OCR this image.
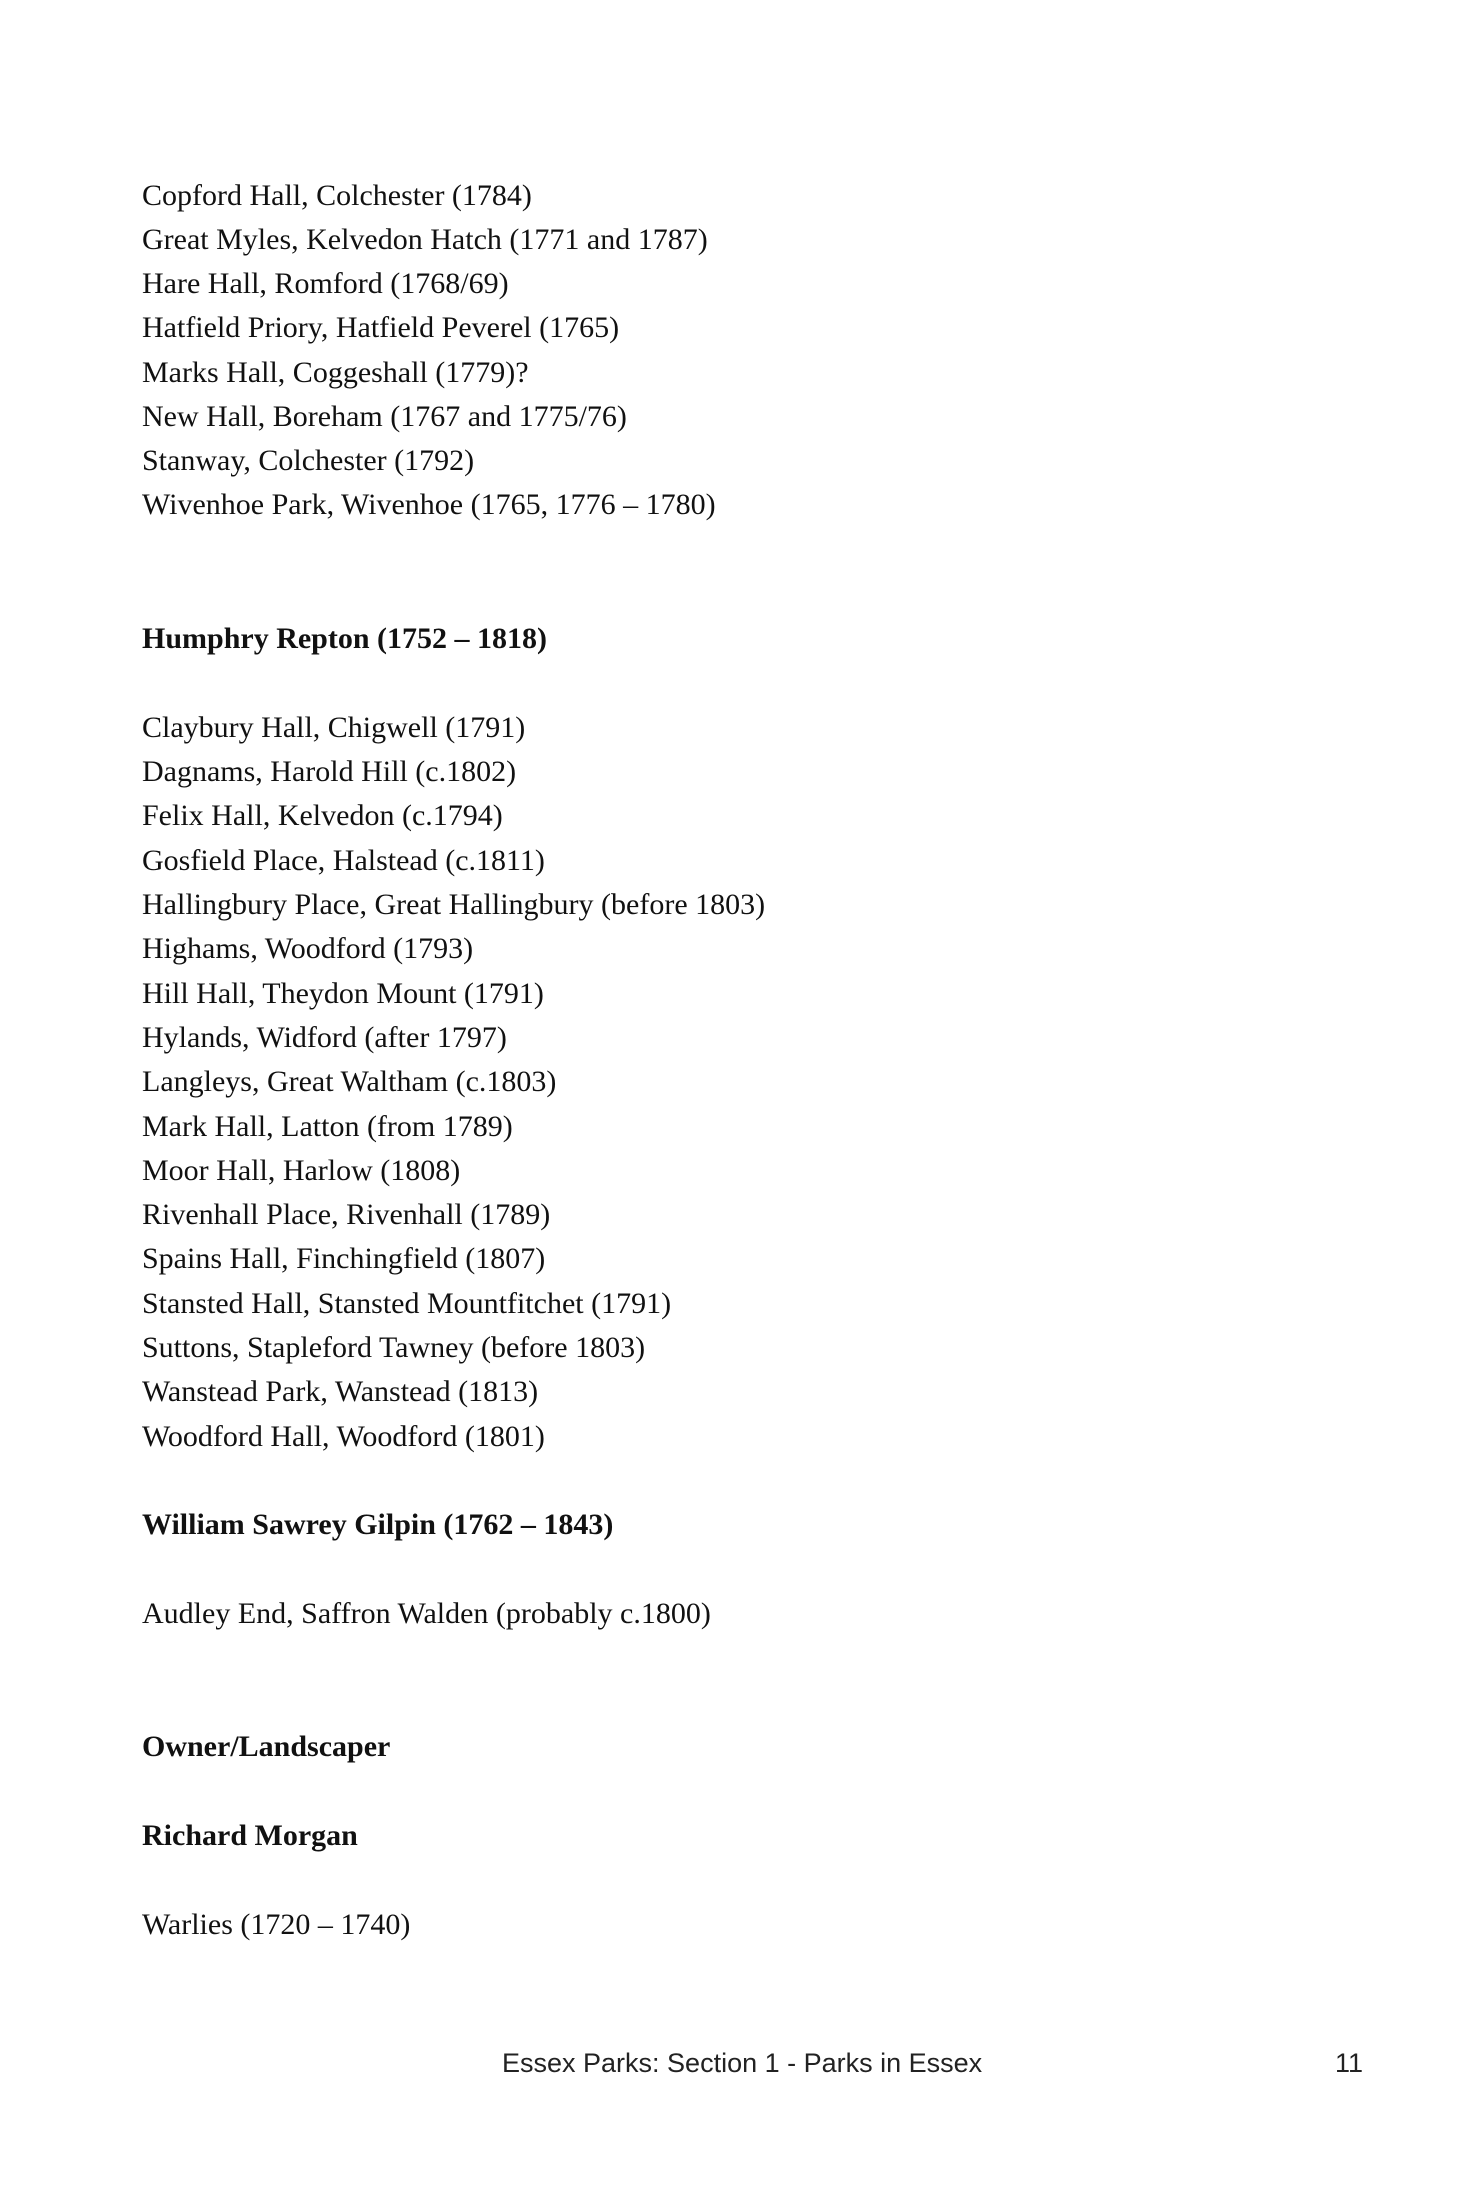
Copford Hall, Colchester (1784)
Great Myles, Kelvedon Hatch (1771 and 1787)
Hare Hall, Romford (1768/69)
Hatfield Priory, Hatfield Peverel (1765)
Marks Hall, Coggeshall (1779)?
New Hall, Boreham (1767 and 1775/76)
Stanway, Colchester (1792)
Wivenhoe Park, Wivenhoe (1765, 1776 – 1780)
Humphry Repton (1752 – 1818)
Claybury Hall, Chigwell (1791)
Dagnams, Harold Hill (c.1802)
Felix Hall, Kelvedon (c.1794)
Gosfield Place, Halstead (c.1811)
Hallingbury Place, Great Hallingbury (before 1803)
Highams, Woodford (1793)
Hill Hall, Theydon Mount (1791)
Hylands, Widford (after 1797)
Langleys, Great Waltham (c.1803)
Mark Hall, Latton (from 1789)
Moor Hall, Harlow (1808)
Rivenhall Place, Rivenhall (1789)
Spains Hall, Finchingfield (1807)
Stansted Hall, Stansted Mountfitchet (1791)
Suttons, Stapleford Tawney (before 1803)
Wanstead Park, Wanstead (1813)
Woodford Hall, Woodford (1801)
William Sawrey Gilpin (1762 – 1843)
Audley End, Saffron Walden (probably c.1800)
Owner/Landscaper
Richard Morgan
Warlies (1720 – 1740)
Essex Parks: Section 1 - Parks in Essex	11
